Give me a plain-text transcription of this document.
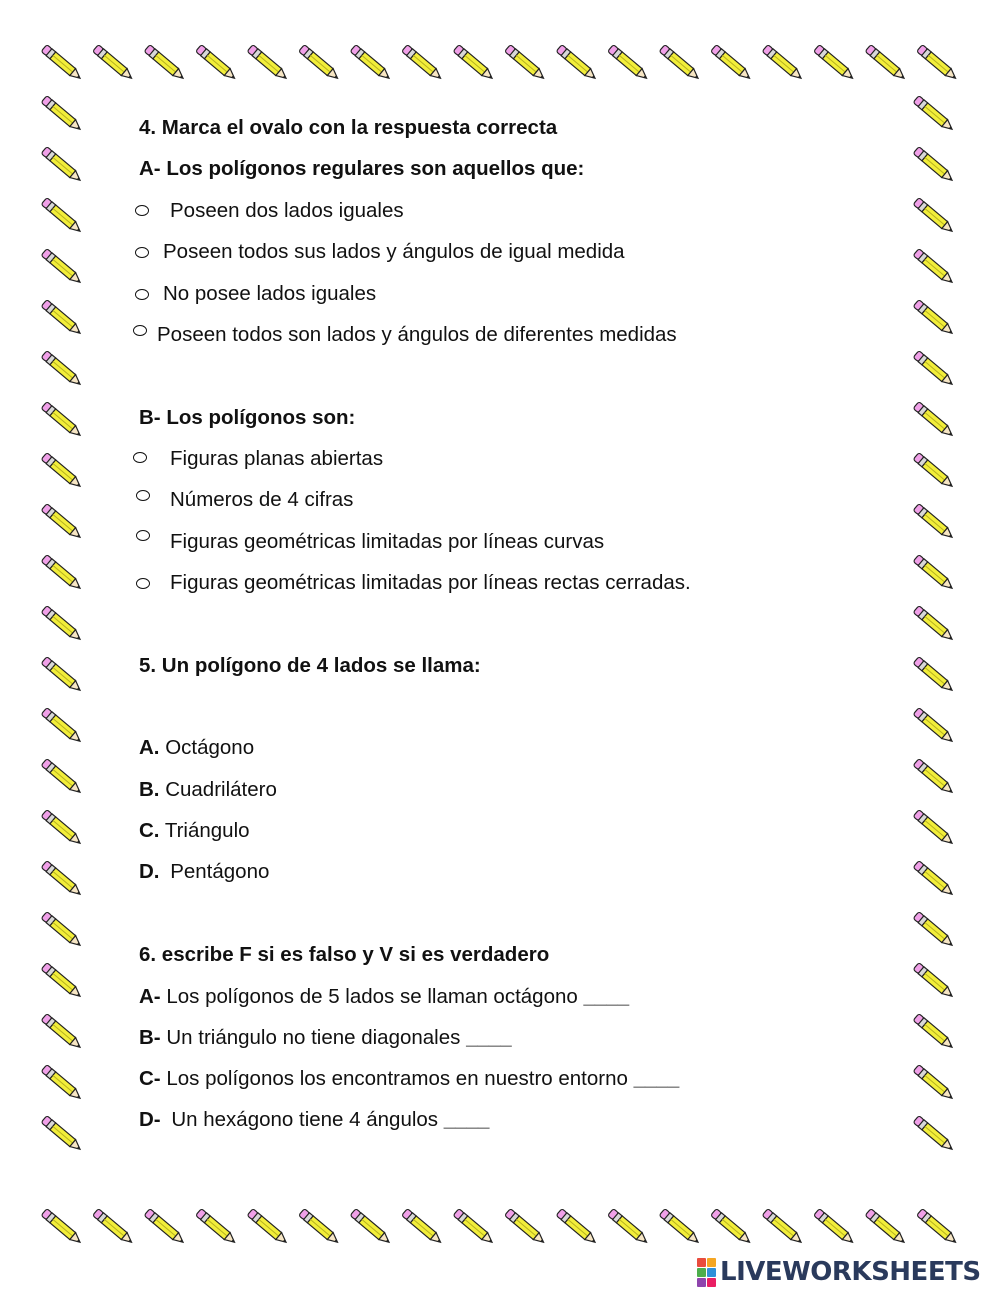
4. Marca el ovalo con la respuesta correcta
A- Los polígonos regulares son aquellos que:
Poseen dos lados iguales
Poseen todos sus lados y ángulos de igual medida
No posee lados iguales
Poseen todos son lados y ángulos de diferentes medidas
B- Los polígonos son:
Figuras planas abiertas
Números de 4 cifras
Figuras geométricas limitadas por líneas curvas
Figuras geométricas limitadas por líneas rectas cerradas.
5. Un polígono de 4 lados se llama:
A. Octágono
B. Cuadrilátero
C. Triángulo
D. Pentágono
6. escribe F si es falso y V si es verdadero
A- Los polígonos de 5 lados se llaman octágono ____
B- Un triángulo no tiene diagonales ____
C- Los polígonos los encontramos en nuestro entorno ____
D- Un hexágono tiene 4 ángulos ____
LIVEWORKSHEETS
